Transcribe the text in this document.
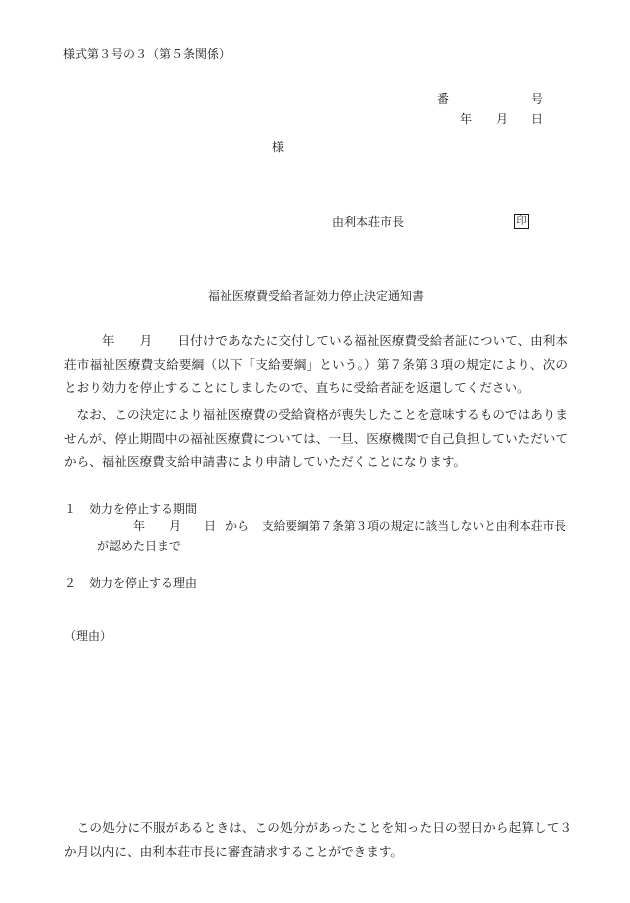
様式第３号の３（第５条関係）
番	号
年 月 日
様
由利本荘市長	印
福祉医療費受給者証効力停止決定通知書
　　　年　　月　　日付けであなたに交付している福祉医療費受給者証について、由利本荘市福祉医療費支給要綱（以下「支給要綱」という。）第７条第３項の規定により、次のとおり効力を停止することにしましたので、直ちに受給者証を返還してください。
　なお、この決定により福祉医療費の受給資格が喪失したことを意味するものではありませんが、停止期間中の福祉医療費については、一旦、医療機関で自己負担していただいてから、福祉医療費支給申請書により申請していただくことになります。
１ 効力を停止する期間
年 月 日 から 支給要綱第７条第３項の規定に該当しないと由利本荘市長
が認めた日まで
２ 効力を停止する理由
（理由）
　この処分に不服があるときは、この処分があったことを知った日の翌日から起算して３か月以内に、由利本荘市長に審査請求することができます。
